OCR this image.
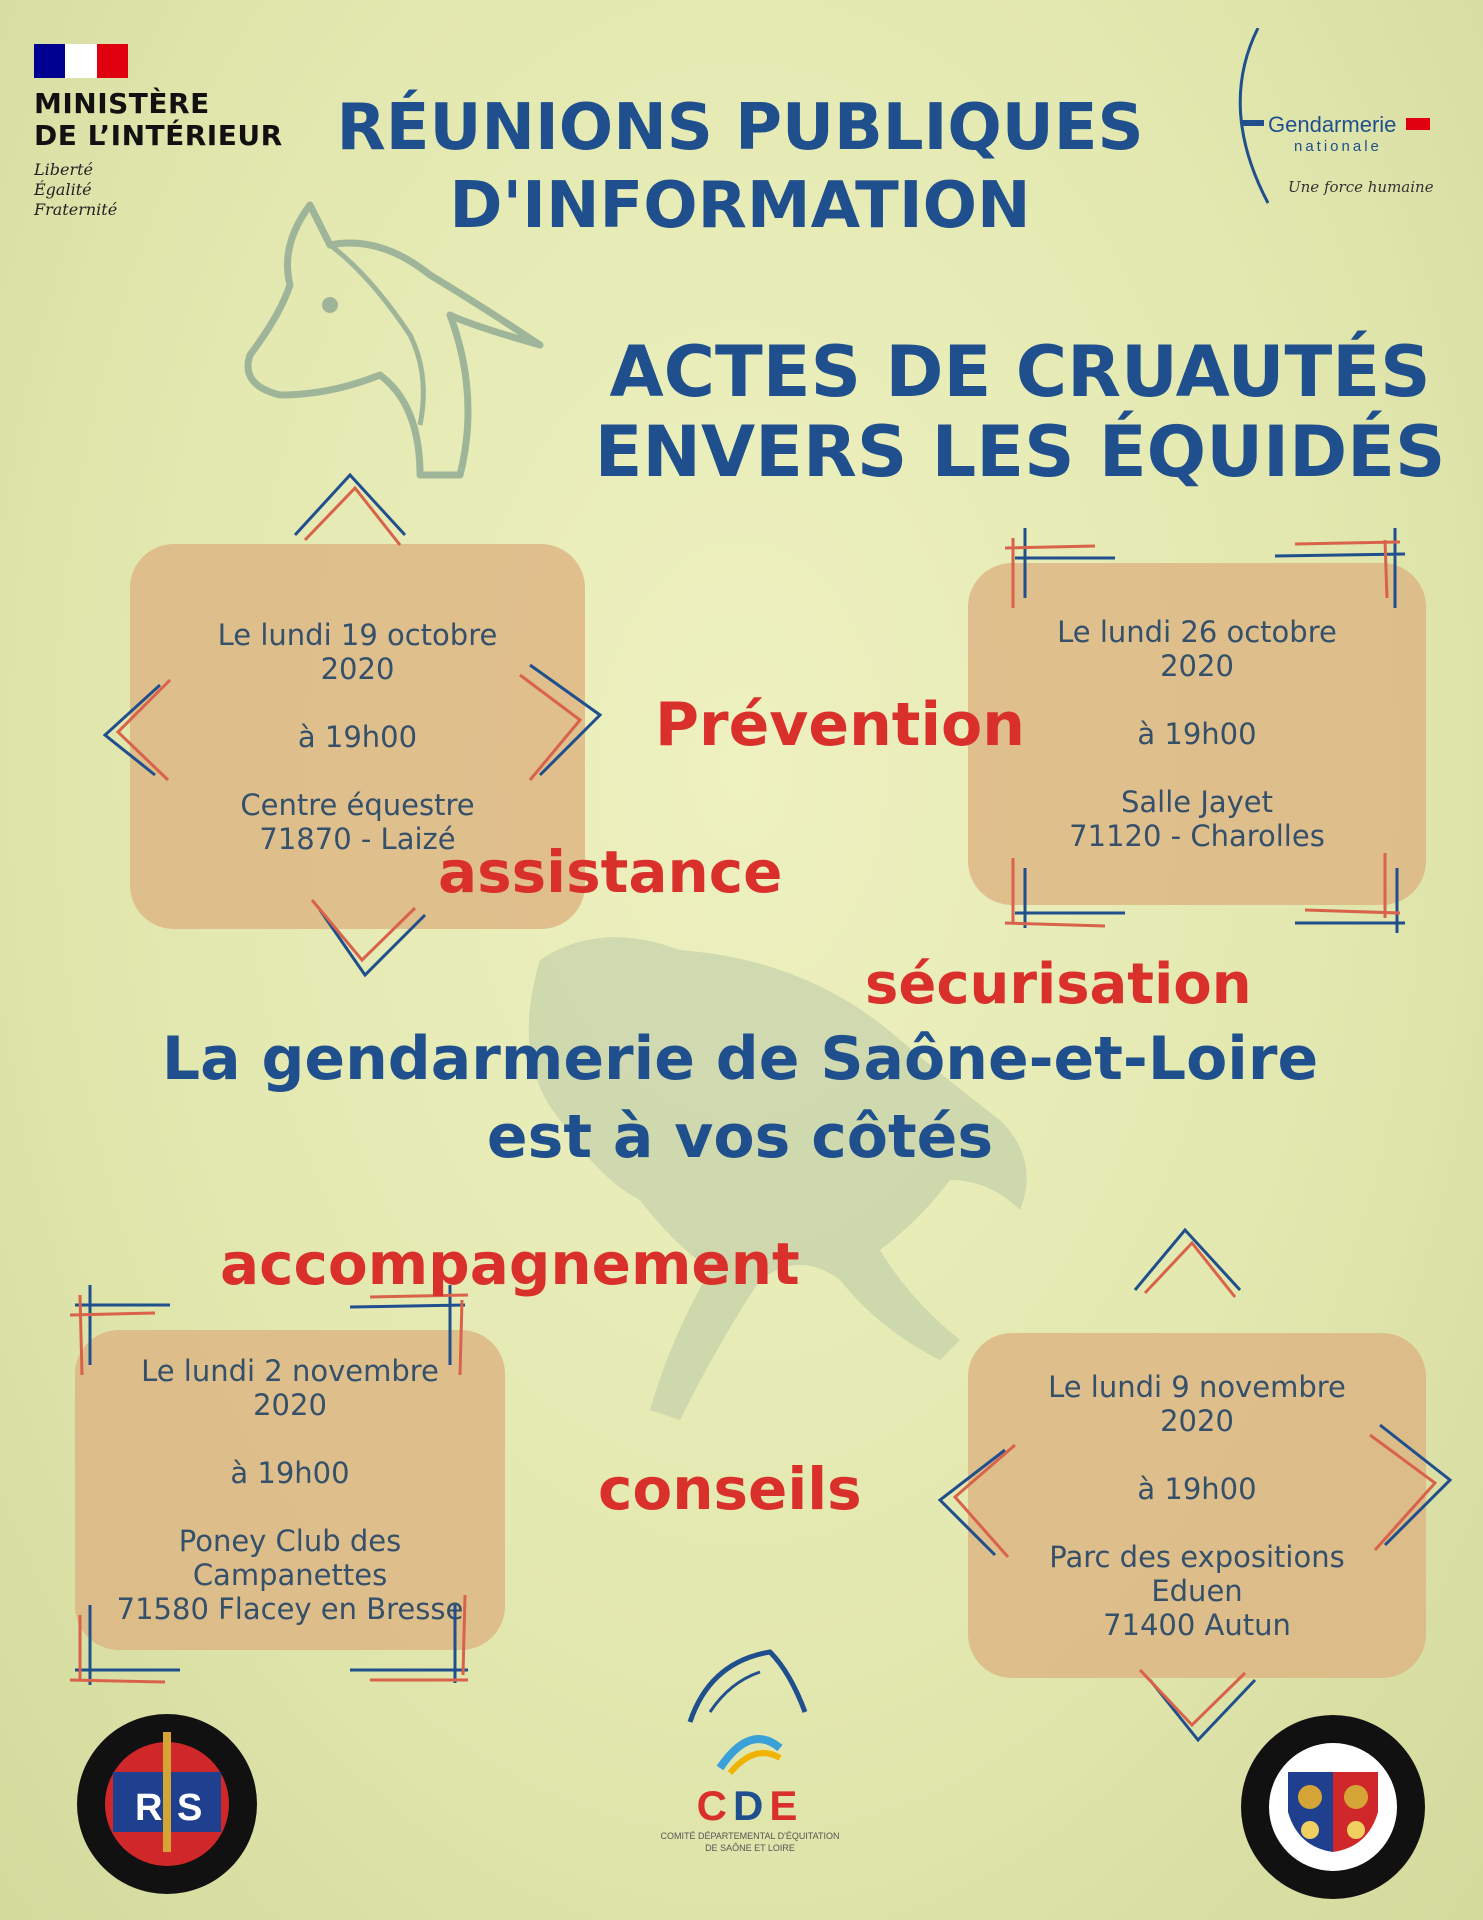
MINISTÈRE
DE L’INTÉRIEUR
Liberté
Égalité
Fraternité
Gendarmerie
nationale
Une force humaine
RÉUNIONS PUBLIQUES
D'INFORMATION
ACTES DE CRUAUTÉS
ENVERS LES ÉQUIDÉS
Le lundi 19 octobre
2020
à 19h00
Centre équestre
71870 - Laizé
Le lundi 26 octobre
2020
à 19h00
Salle Jayet
71120 - Charolles
Le lundi 2 novembre
2020
à 19h00
Poney Club des
Campanettes
71580 Flacey en Bresse
Le lundi 9 novembre
2020
à 19h00
Parc des expositions
Eduen
71400 Autun
Prévention
assistance
sécurisation
accompagnement
conseils
La gendarmerie de Saône-et-Loire
est à vos côtés
R S	CDE
COMITÉ DÉPARTEMENTAL D'ÉQUITATION
DE SAÔNE ET LOIRE
